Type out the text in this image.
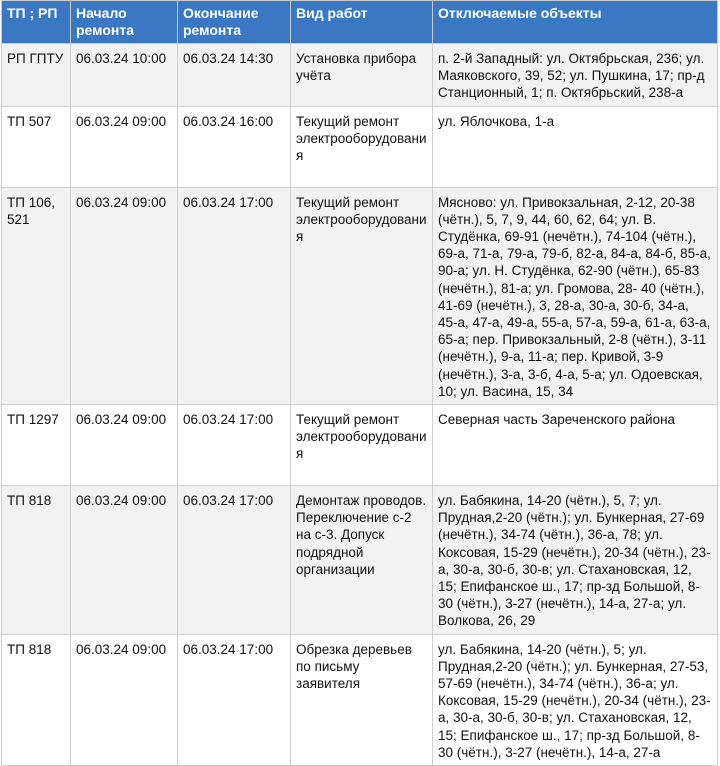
ТП ; РП	Начало ремонта	Окончание ремонта	Вид работ	Отключаемые объекты
РП ГПТУ	06.03.24 10:00	06.03.24 14:30	Установка прибора учёта	п. 2-й Западный: ул. Октябрьская, 236; ул. Маяковского, 39, 52; ул. Пушкина, 17; пр-д Станционный, 1; п. Октябрьский, 238-а
ТП 507	06.03.24 09:00	06.03.24 16:00	Текущий ремонт электрооборудования	ул. Яблочкова, 1-а
ТП 106, 521	06.03.24 09:00	06.03.24 17:00	Текущий ремонт электрооборудования	Мясново: ул. Привокзальная, 2-12, 20-38 (чётн.), 5, 7, 9, 44, 60, 62, 64; ул. В. Студёнка, 69-91 (нечётн.), 74-104 (чётн.), 69-а, 71-а, 79-а, 79-б, 82-а, 84-а, 84-б, 85-а, 90-а; ул. Н. Студёнка, 62-90 (чётн.), 65-83 (нечётн.), 81-а; ул. Громова, 28- 40 (чётн.), 41-69 (нечётн.), 3, 28-а, 30-а, 30-б, 34-а, 45-а, 47-а, 49-а, 55-а, 57-а, 59-а, 61-а, 63-а, 65-а; пер. Привокзальный, 2-8 (чётн.), 3-11 (нечётн.), 9-а, 11-а; пер. Кривой, 3-9 (нечётн.), 3-а, 3-б, 4-а, 5-а; ул. Одоевская, 10; ул. Васина, 15, 34
ТП 1297	06.03.24 09:00	06.03.24 17:00	Текущий ремонт электрооборудования	Северная часть Зареченского района
ТП 818	06.03.24 09:00	06.03.24 17:00	Демонтаж проводов. Переключение с-2 на с-3. Допуск подрядной организации	ул. Бабякина, 14-20 (чётн.), 5, 7; ул. Прудная,2-20 (чётн.); ул. Бункерная, 27-69 (нечётн.), 34-74 (чётн.), 36-а, 78; ул. Коксовая, 15-29 (нечётн.), 20-34 (чётн.), 23-а, 30-а, 30-б, 30-в; ул. Стахановская, 12, 15; Епифанское ш., 17; пр-зд Большой, 8-30 (чётн.), 3-27 (нечётн.), 14-а, 27-а; ул. Волкова, 26, 29
ТП 818	06.03.24 09:00	06.03.24 17:00	Обрезка деревьев по письму заявителя	ул. Бабякина, 14-20 (чётн.), 5; ул. Прудная,2-20 (чётн.); ул. Бункерная, 27-53, 57-69 (нечётн.), 34-74 (чётн.), 36-а; ул. Коксовая, 15-29 (нечётн.), 20-34 (чётн.), 23-а, 30-а, 30-б, 30-в; ул. Стахановская, 12, 15; Епифанское ш., 17; пр-зд Большой, 8-30 (чётн.), 3-27 (нечётн.), 14-а, 27-а
